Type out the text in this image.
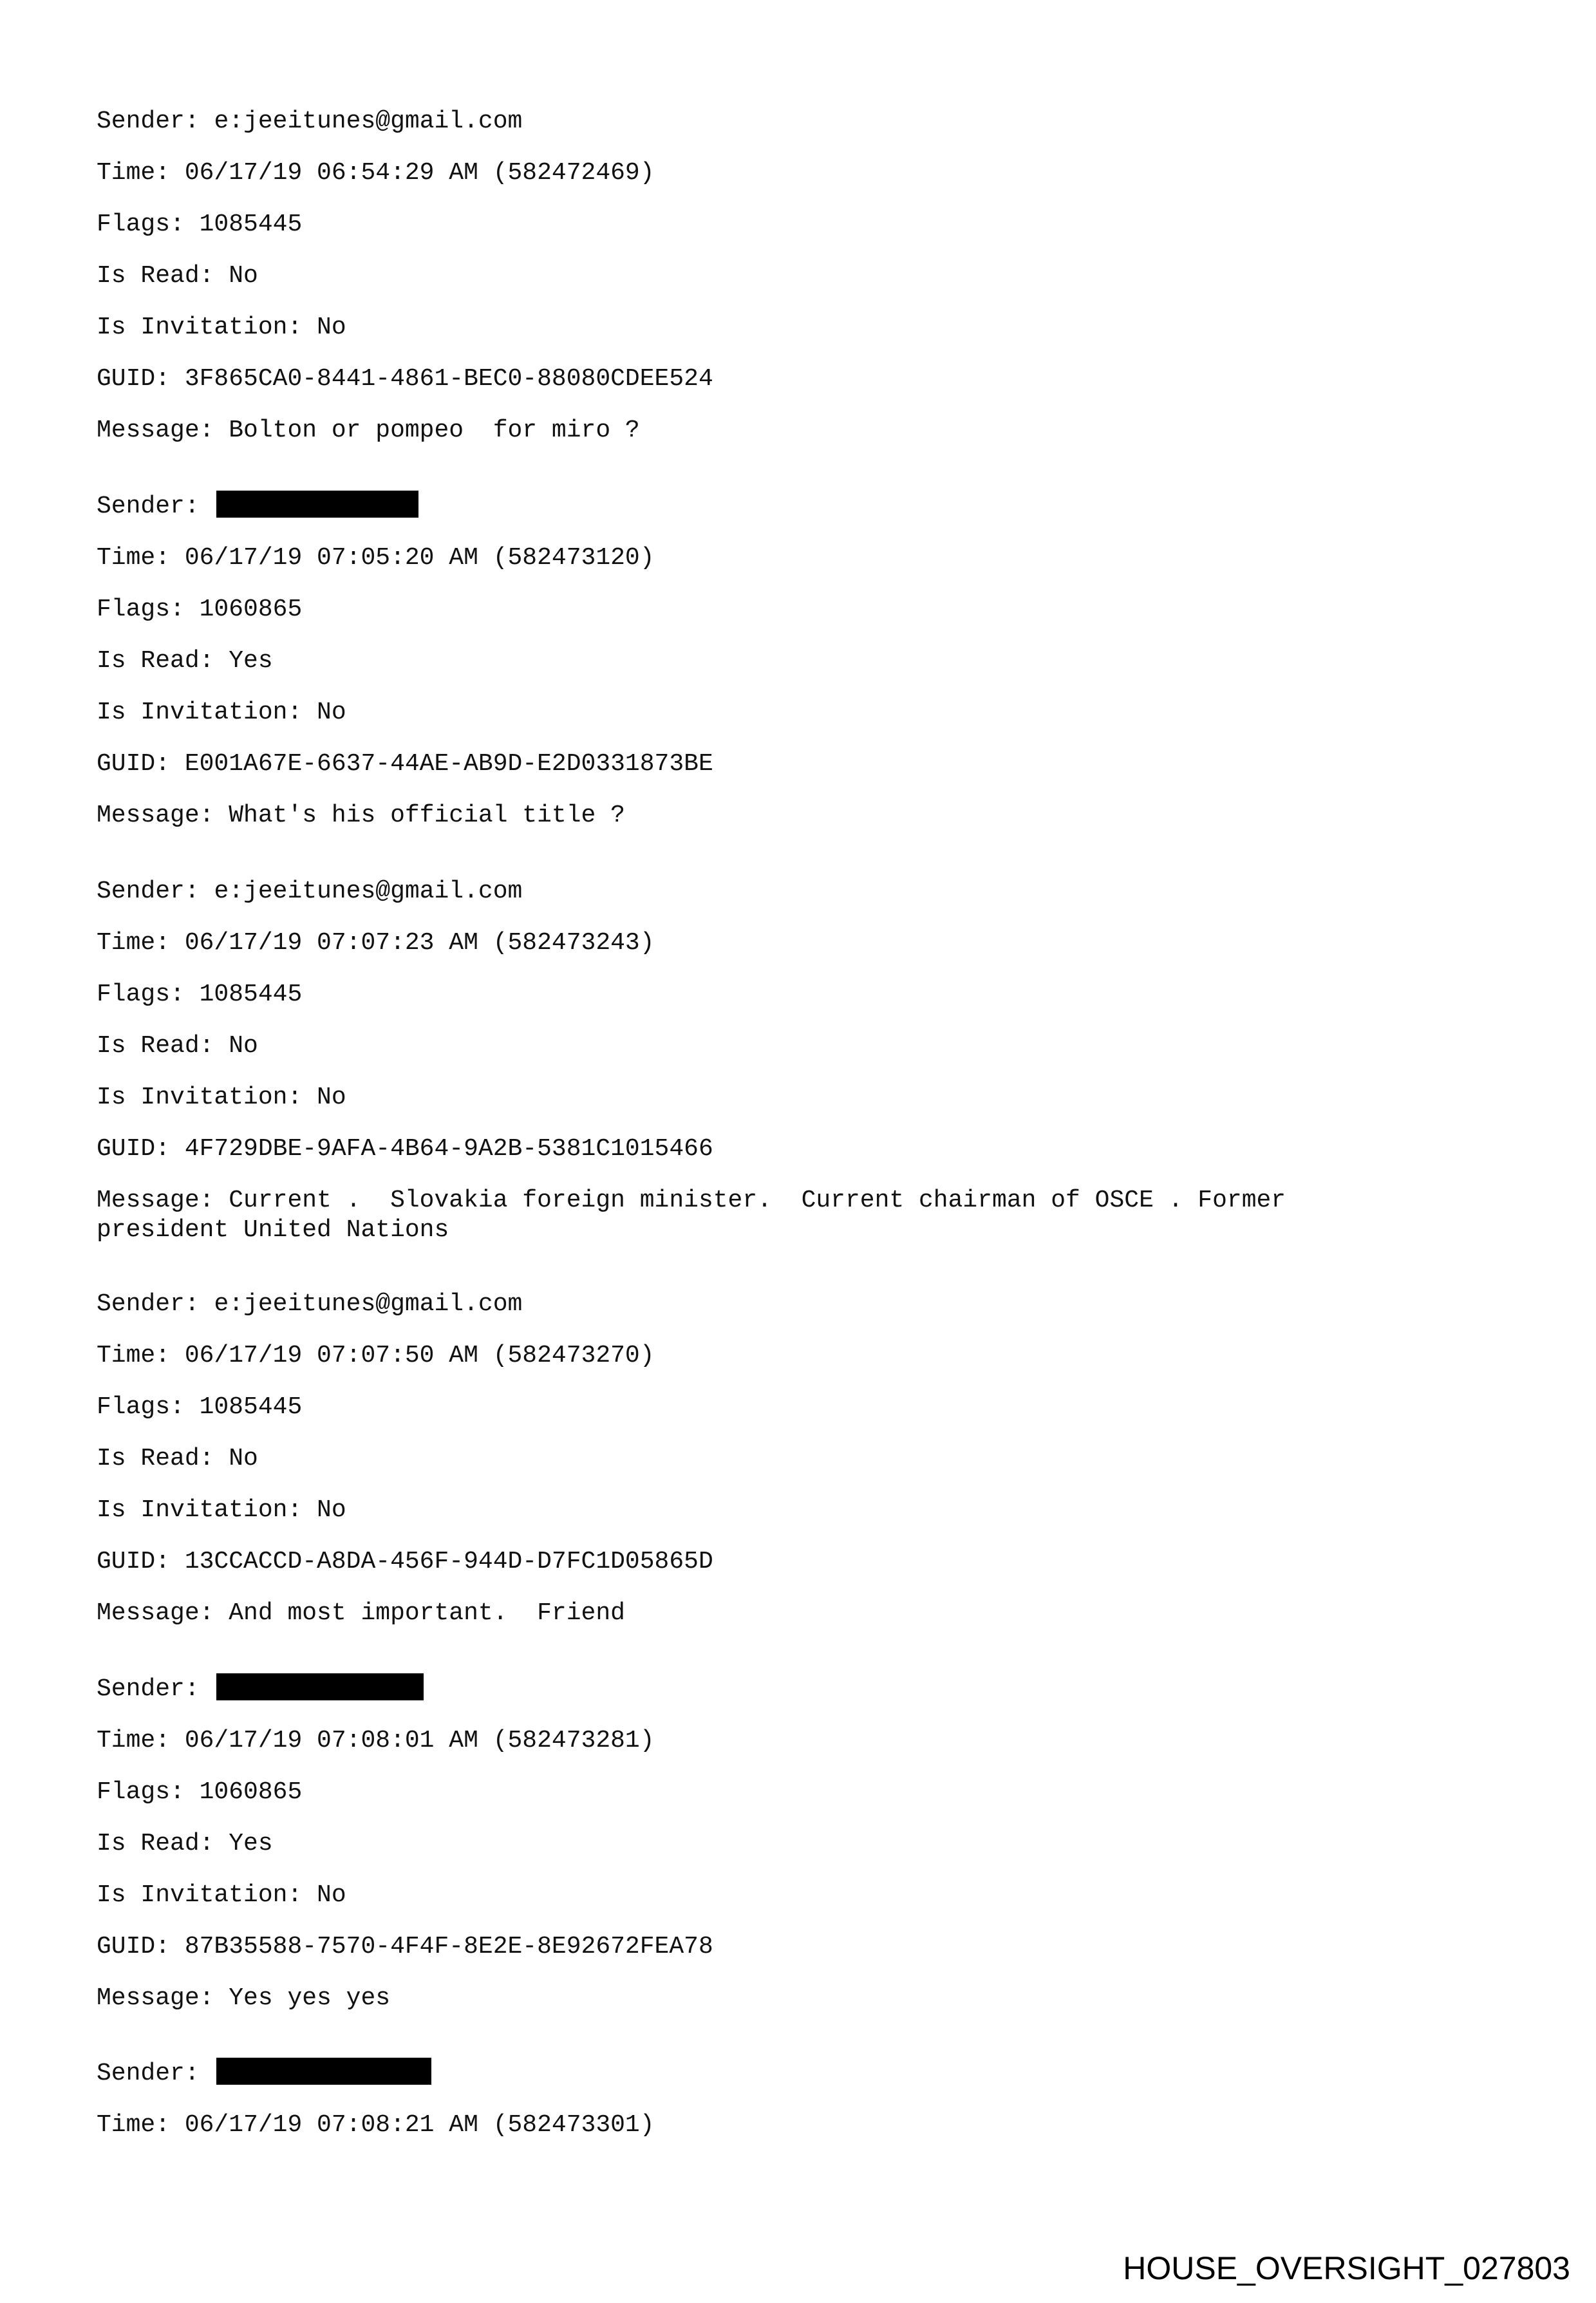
Sender: e:jeeitunes@gmail.com
Time: 06/17/19 06:54:29 AM (582472469)
Flags: 1085445
Is Read: No
Is Invitation: No
GUID: 3F865CA0-8441-4861-BEC0-88080CDEE524
Message: Bolton or pompeo  for miro ?
Sender:
Time: 06/17/19 07:05:20 AM (582473120)
Flags: 1060865
Is Read: Yes
Is Invitation: No
GUID: E001A67E-6637-44AE-AB9D-E2D0331873BE
Message: What's his official title ?
Sender: e:jeeitunes@gmail.com
Time: 06/17/19 07:07:23 AM (582473243)
Flags: 1085445
Is Read: No
Is Invitation: No
GUID: 4F729DBE-9AFA-4B64-9A2B-5381C1015466
Message: Current .  Slovakia foreign minister.  Current chairman of OSCE . Former
president United Nations
Sender: e:jeeitunes@gmail.com
Time: 06/17/19 07:07:50 AM (582473270)
Flags: 1085445
Is Read: No
Is Invitation: No
GUID: 13CCACCD-A8DA-456F-944D-D7FC1D05865D
Message: And most important.  Friend
Sender:
Time: 06/17/19 07:08:01 AM (582473281)
Flags: 1060865
Is Read: Yes
Is Invitation: No
GUID: 87B35588-7570-4F4F-8E2E-8E92672FEA78
Message: Yes yes yes
Sender:
Time: 06/17/19 07:08:21 AM (582473301)
HOUSE_OVERSIGHT_027803
